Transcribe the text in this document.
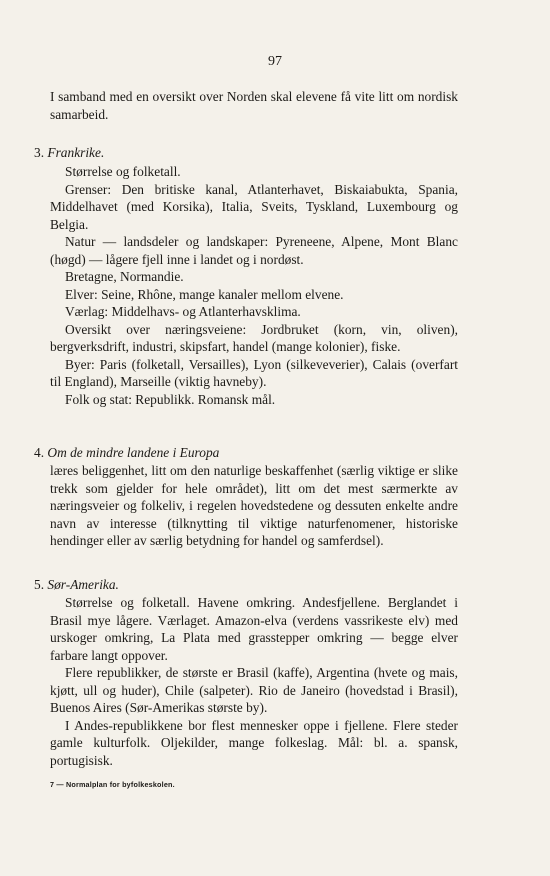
97

I samband med en oversikt over Norden skal elevene få vite litt om nordisk samarbeid.

3. Frankrike.

Størrelse og folketall.

Grenser: Den britiske kanal, Atlanterhavet, Biskaiabukta, Spania, Middelhavet (med Korsika), Italia, Sveits, Tyskland, Luxembourg og Belgia.

Natur — landsdeler og landskaper: Pyreneene, Alpene, Mont Blanc (høgd) — lågere fjell inne i landet og i nordøst.

Bretagne, Normandie.

Elver: Seine, Rhône, mange kanaler mellom elvene.

Værlag: Middelhavs- og Atlanterhavsklima.

Oversikt over næringsveiene: Jordbruket (korn, vin, oliven), bergverksdrift, industri, skipsfart, handel (mange kolonier), fiske.

Byer: Paris (folketall, Versailles), Lyon (silkeveverier), Calais (overfart til England), Marseille (viktig havneby).

Folk og stat: Republikk. Romansk mål.

4. Om de mindre landene i Europa

læres beliggenhet, litt om den naturlige beskaffenhet (særlig viktige er slike trekk som gjelder for hele området), litt om det mest særmerkte av næringsveier og folkeliv, i regelen hovedstedene og dessuten enkelte andre navn av interesse (tilknytting til viktige naturfenomener, historiske hendinger eller av særlig betydning for handel og samferdsel).

5. Sør-Amerika.

Størrelse og folketall. Havene omkring. Andesfjellene. Berglandet i Brasil mye lågere. Værlaget. Amazon-elva (verdens vassrikeste elv) med urskoger omkring, La Plata med grasstepper omkring — begge elver farbare langt oppover.

Flere republikker, de største er Brasil (kaffe), Argentina (hvete og mais, kjøtt, ull og huder), Chile (salpeter). Rio de Janeiro (hovedstad i Brasil), Buenos Aires (Sør-Amerikas største by).

I Andes-republikkene bor flest mennesker oppe i fjellene. Flere steder gamle kulturfolk. Oljekilder, mange folkeslag. Mål: bl. a. spansk, portugisisk.

7 — Normalplan for byfolkeskolen.
